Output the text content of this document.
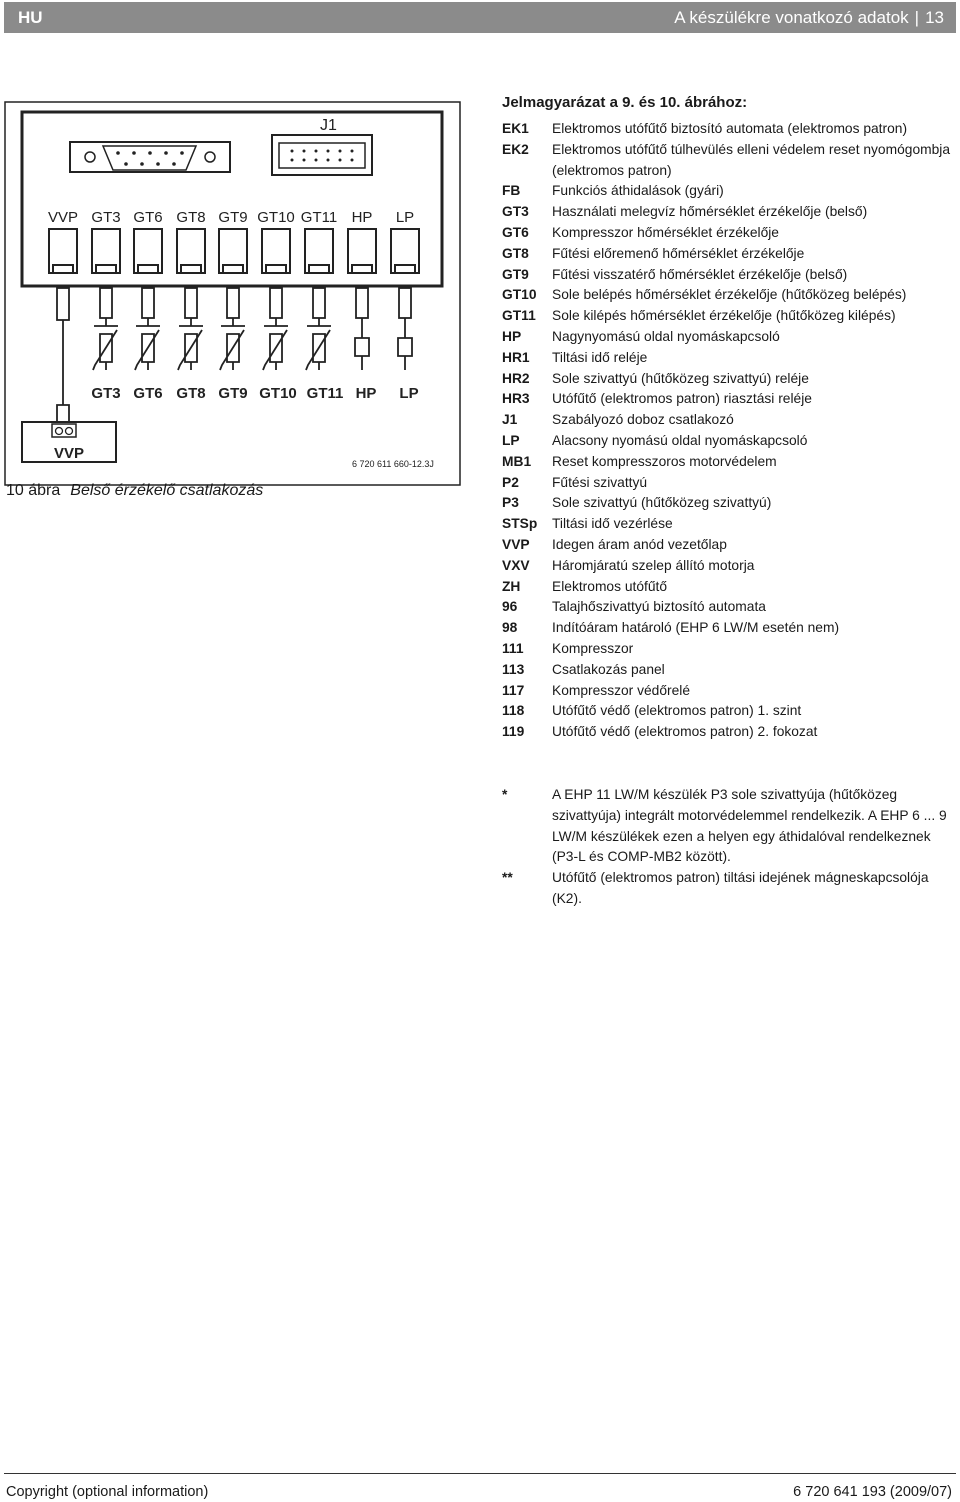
HU	A készülékre vonatkozó adatok | 13
J1
VVP GT3 GT6 GT8 GT9 GT10 GT11 HP LP
GT3 GT6 GT8 GT9 GT10 GT11 HP LP
VVP
6 720 611 660-12.3J
10 ábra Belső érzékelő csatlakozás
Jelmagyarázat a 9. és 10. ábrához:
EK1	Elektromos utófűtő biztosító automata (elektromos patron)
EK2	Elektromos utófűtő túlhevülés elleni védelem reset nyomógombja (elektromos patron)
FB	Funkciós áthidalások (gyári)
GT3	Használati melegvíz hőmérséklet érzékelője (belső)
GT6	Kompresszor hőmérséklet érzékelője
GT8	Fűtési előremenő hőmérséklet érzékelője
GT9	Fűtési visszatérő hőmérséklet érzékelője (belső)
GT10	Sole belépés hőmérséklet érzékelője (hűtőközeg belépés)
GT11	Sole kilépés hőmérséklet érzékelője (hűtőközeg kilépés)
HP	Nagynyomású oldal nyomáskapcsoló
HR1	Tiltási idő reléje
HR2	Sole szivattyú (hűtőközeg szivattyú) reléje
HR3	Utófűtő (elektromos patron) riasztási reléje
J1	Szabályozó doboz csatlakozó
LP	Alacsony nyomású oldal nyomáskapcsoló
MB1	Reset kompresszoros motorvédelem
P2	Fűtési szivattyú
P3	Sole szivattyú (hűtőközeg szivattyú)
STSp	Tiltási idő vezérlése
VVP	Idegen áram anód vezetőlap
VXV	Háromjáratú szelep állító motorja
ZH	Elektromos utófűtő
96	Talajhőszivattyú biztosító automata
98	Indítóáram határoló (EHP 6 LW/M esetén nem)
111	Kompresszor
113	Csatlakozás panel
117	Kompresszor védőrelé
118	Utófűtő védő (elektromos patron) 1. szint
119	Utófűtő védő (elektromos patron) 2. fokozat
*	A EHP 11 LW/M készülék P3 sole szivattyúja (hűtőközeg szivattyúja) integrált motorvédelemmel rendelkezik. A EHP 6 ... 9 LW/M készülékek ezen a helyen egy áthidalóval rendelkeznek (P3-L és COMP-MB2 között).
**	Utófűtő (elektromos patron) tiltási idejének mágneskapcsolója (K2).
Copyright (optional information)	6 720 641 193 (2009/07)
